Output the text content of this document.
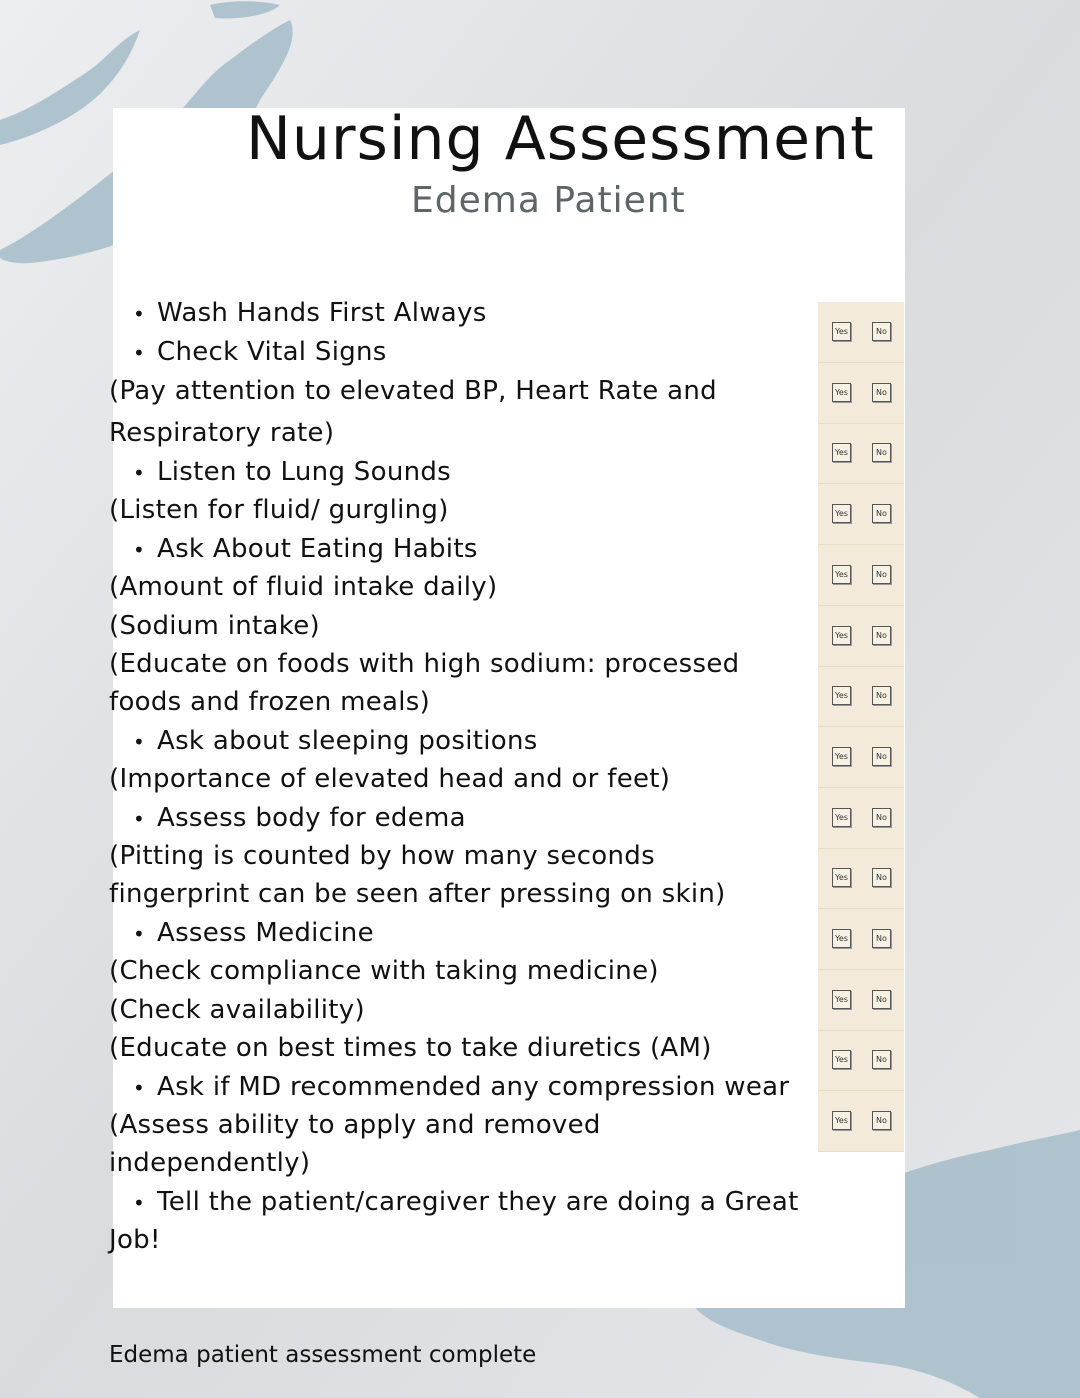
Nursing Assessment
Edema Patient
• Wash Hands First Always
• Check Vital Signs
(Pay attention to elevated BP, Heart Rate and
Respiratory rate)
• Listen to Lung Sounds
(Listen for fluid/ gurgling)
• Ask About Eating Habits
(Amount of fluid intake daily)
(Sodium intake)
(Educate on foods with high sodium: processed
foods and frozen meals)
• Ask about sleeping positions
(Importance of elevated head and or feet)
• Assess body for edema
(Pitting is counted by how many seconds
fingerprint can be seen after pressing on skin)
• Assess Medicine
(Check compliance with taking medicine)
(Check availability)
(Educate on best times to take diuretics (AM)
• Ask if MD recommended any compression wear
(Assess ability to apply and removed
independently)
• Tell the patient/caregiver they are doing a Great
Job!
Yes	No
Yes	No
Yes	No
Yes	No
Yes	No
Yes	No
Yes	No
Yes	No
Yes	No
Yes	No
Yes	No
Yes	No
Yes	No
Yes	No
Edema patient assessment complete
